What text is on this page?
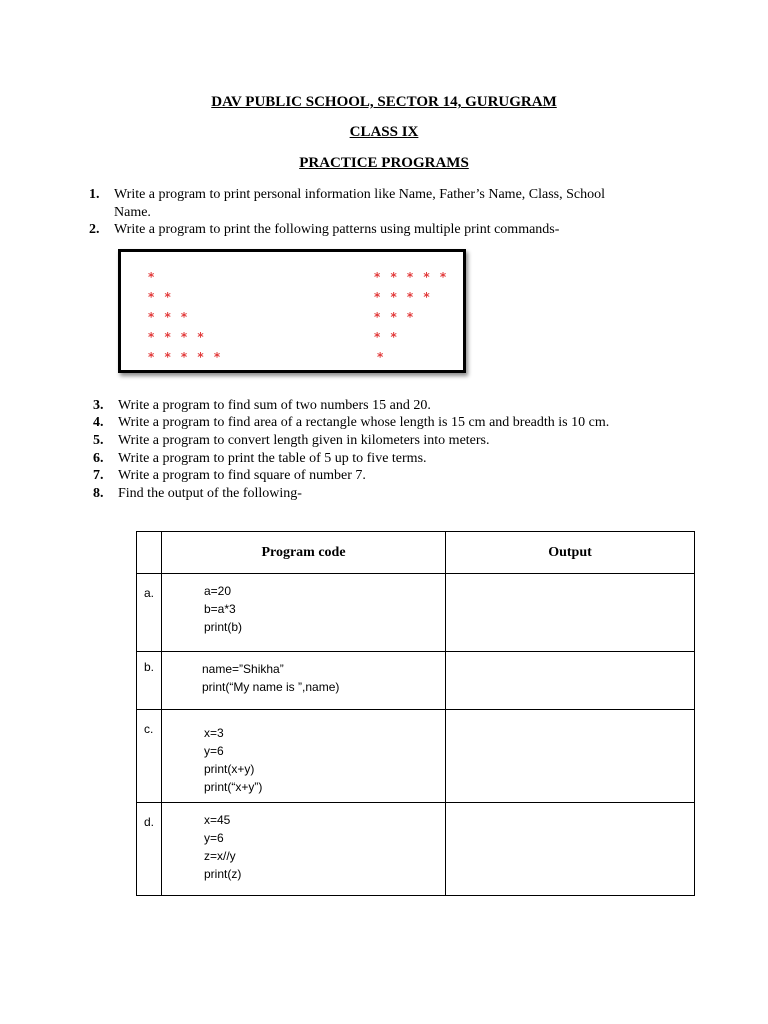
DAV PUBLIC SCHOOL, SECTOR 14, GURUGRAM
CLASS IX
PRACTICE PROGRAMS
1. Write a program to print personal information like Name, Father’s Name, Class, School
Name.
2. Write a program to print the following patterns using multiple print commands-
*
* *
* * *
* * * *
* * * * *
* * * * *
* * * *
* * *
* *
*
3. Write a program to find sum of two numbers 15 and 20.
4. Write a program to find area of a rectangle whose length is 15 cm and breadth is 10 cm.
5. Write a program to convert length given in kilometers into meters.
6. Write a program to print the table of 5 up to five terms.
7. Write a program to find square of number 7.
8. Find the output of the following-
	Program code	Output

a.	a=20
b=a*3
print(b)	

b.	name=”Shikha”
print(“My name is ”,name)	

c.	x=3
y=6
print(x+y)
print(“x+y”)	

d.	x=45
y=6
z=x//y
print(z)	
